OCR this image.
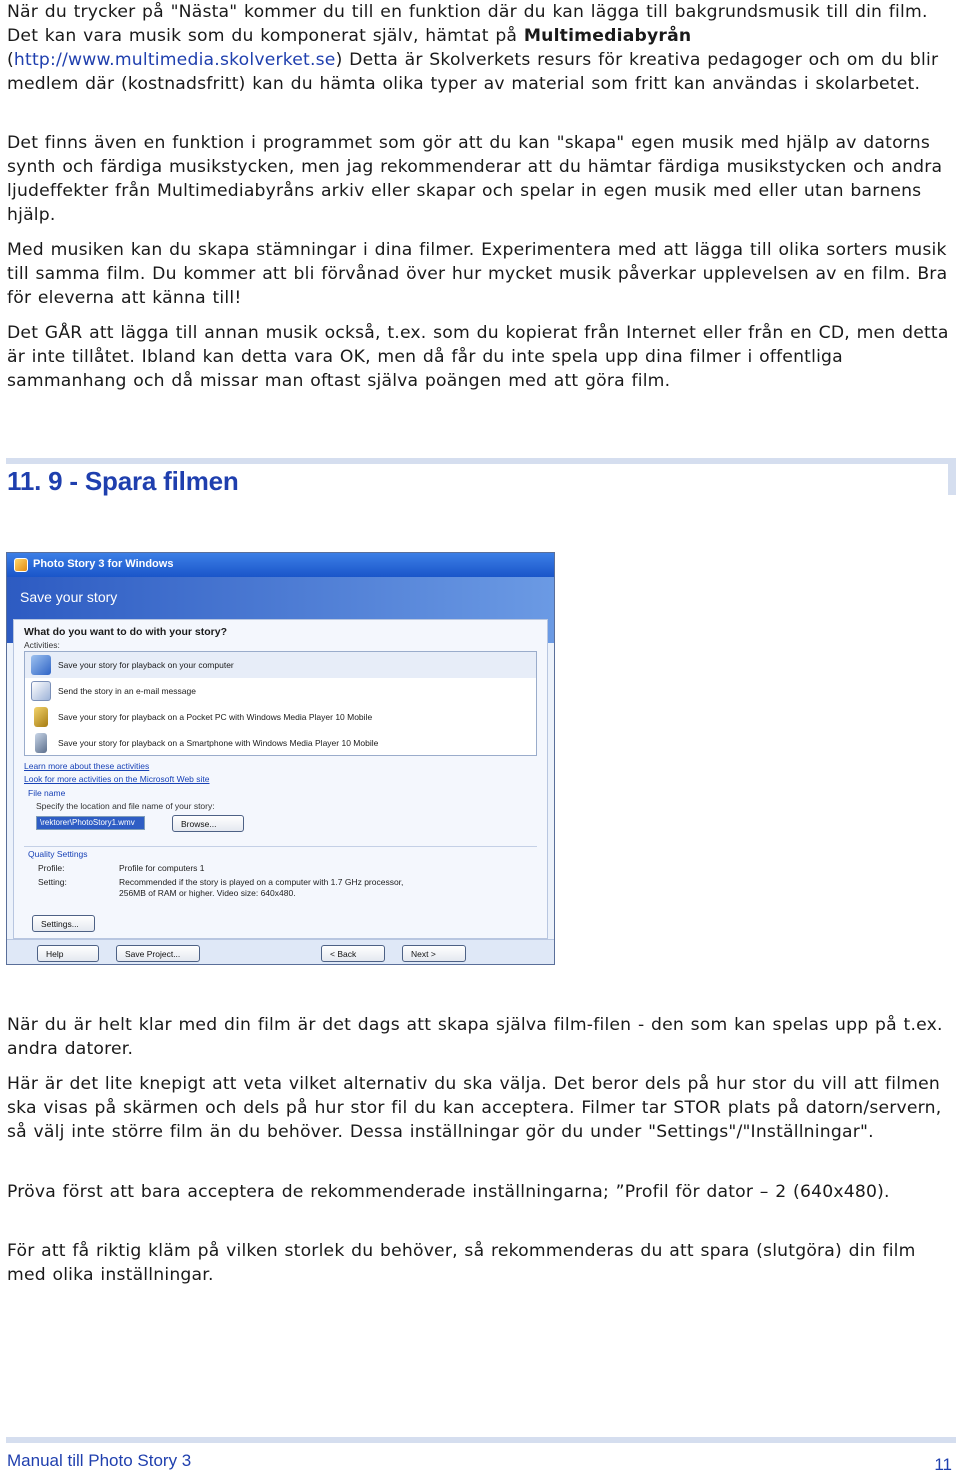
När du trycker på "Nästa" kommer du till en funktion där du kan lägga till bakgrundsmusik till din film. Det kan vara musik som du komponerat själv, hämtat på Multimediabyrån
(http://www.multimedia.skolverket.se) Detta är Skolverkets resurs för kreativa pedagoger och om du blir medlem där (kostnadsfritt) kan du hämta olika typer av material som fritt kan användas i skolarbetet.

Det finns även en funktion i programmet som gör att du kan "skapa" egen musik med hjälp av datorns synth och färdiga musikstycken, men jag rekommenderar att du hämtar färdiga musikstycken och andra ljudeffekter från Multimediabyråns arkiv eller skapar och spelar in egen musik med eller utan barnens hjälp.

Med musiken kan du skapa stämningar i dina filmer. Experimentera med att lägga till olika sorters musik till samma film. Du kommer att bli förvånad över hur mycket musik påverkar upplevelsen av en film. Bra för eleverna att känna till!

Det GÅR att lägga till annan musik också, t.ex. som du kopierat från Internet eller från en CD, men detta är inte tillåtet. Ibland kan detta vara OK, men då får du inte spela upp dina filmer i offentliga sammanhang och då missar man oftast själva poängen med att göra film.

11. 9 - Spara filmen
Photo Story 3 for Windows
Save your story
What do you want to do with your story?
Activities:
Save your story for playback on your computer
Send the story in an e-mail message
Save your story for playback on a Pocket PC with Windows Media Player 10 Mobile
Save your story for playback on a Smartphone with Windows Media Player 10 Mobile
Learn more about these activities
Look for more activities on the Microsoft Web site
File name
Specify the location and file name of your story:
\rektorer\PhotoStory1.wmv	Browse...
Quality Settings
Profile:	Profile for computers 1
Setting:	Recommended if the story is played on a computer with 1.7 GHz processor, 256MB of RAM or higher. Video size: 640x480.
Settings...
Help	Save Project...	< Back	Next >

När du är helt klar med din film är det dags att skapa själva film-filen - den som kan spelas upp på t.ex. andra datorer.

Här är det lite knepigt att veta vilket alternativ du ska välja. Det beror dels på hur stor du vill att filmen ska visas på skärmen och dels på hur stor fil du kan acceptera. Filmer tar STOR plats på datorn/servern, så välj inte större film än du behöver. Dessa inställningar gör du under "Settings"/"Inställningar".

Pröva först att bara acceptera de rekommenderade inställningarna; ”Profil för dator – 2 (640x480).

För att få riktig kläm på vilken storlek du behöver, så rekommenderas du att spara (slutgöra) din film med olika inställningar.

Manual till Photo Story 3	11
